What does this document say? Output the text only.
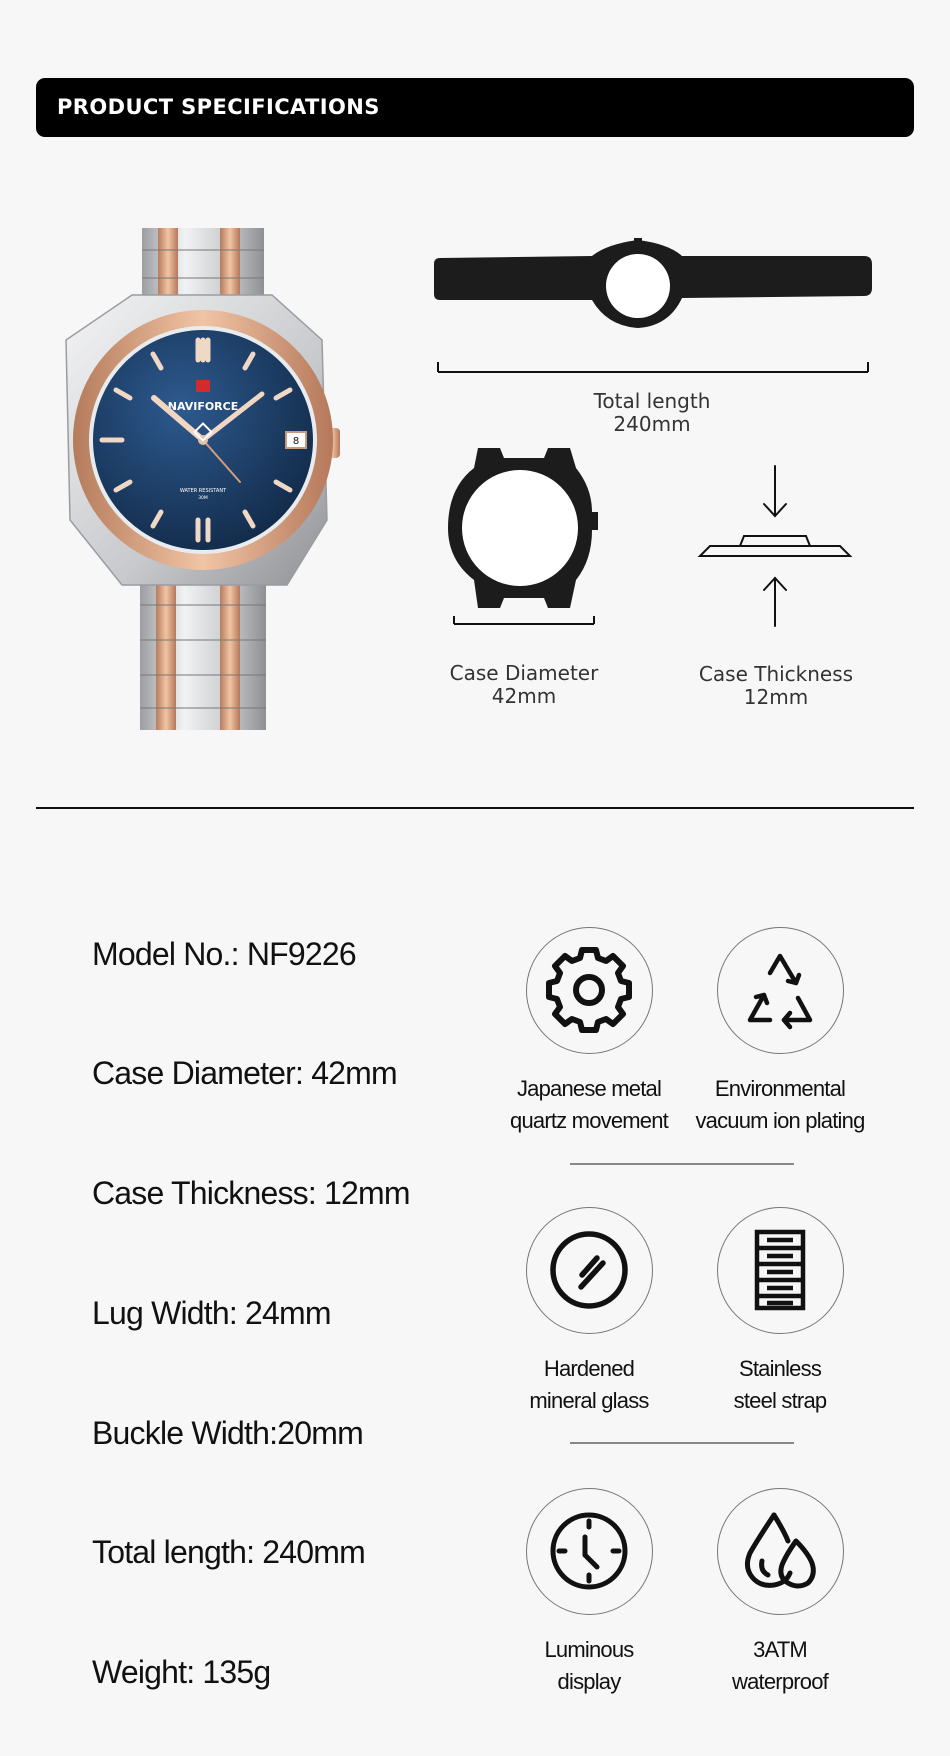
PRODUCT SPECIFICATIONS
8
NAVIFORCE
WATER RESISTANT
30M
Total length
240mm
Case Diameter
42mm
Case Thickness
12mm
Model No.: NF9226
Case Diameter: 42mm
Case Thickness: 12mm
Lug Width: 24mm
Buckle Width:20mm
Total length: 240mm
Weight: 135g
Japanese metal
quartz movement
Environmental
vacuum ion plating
Hardened
mineral glass
Stainless
steel strap
Luminous
display
3ATM
waterproof
